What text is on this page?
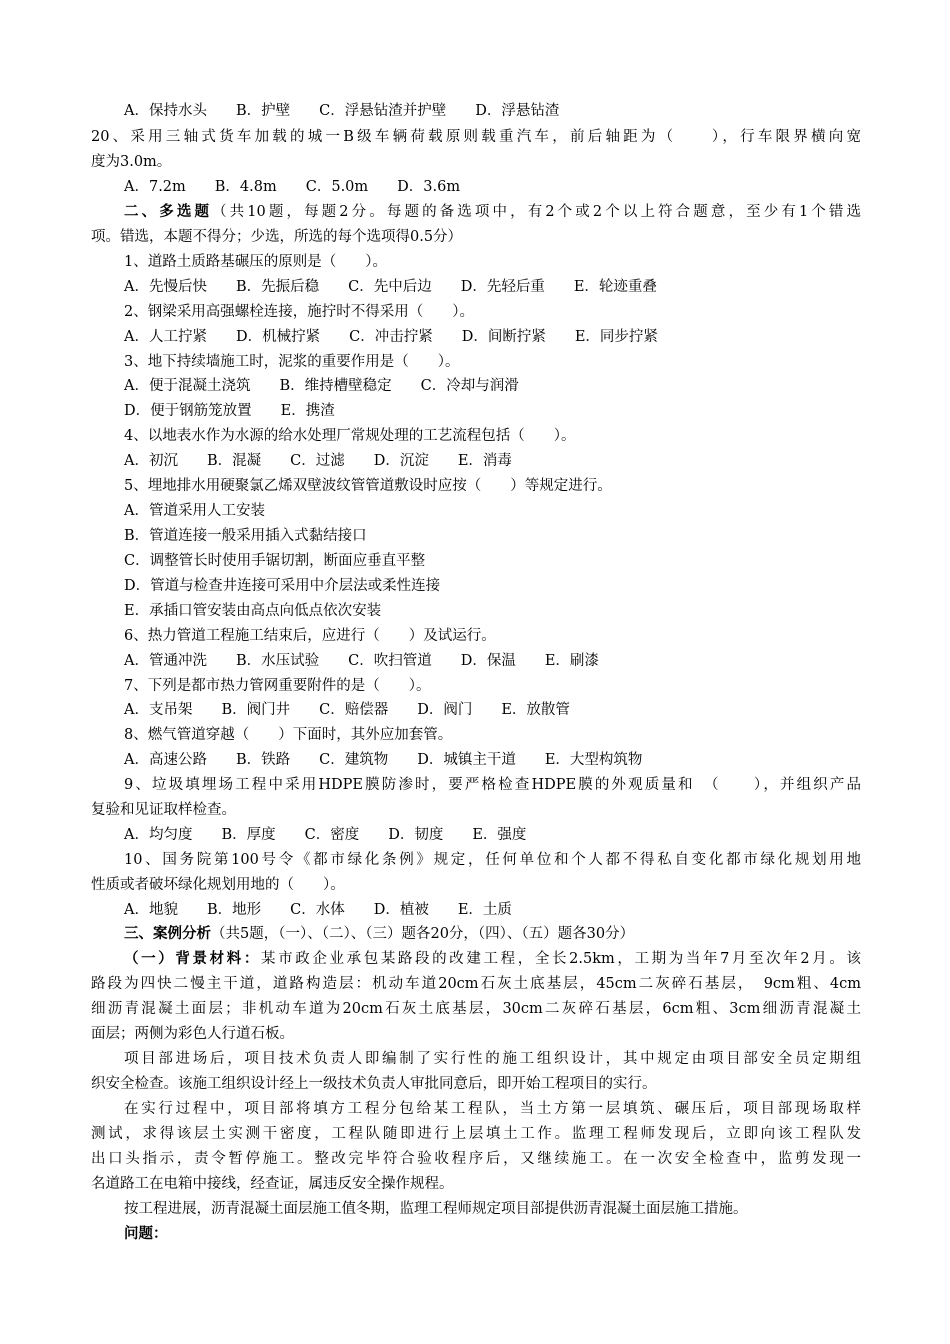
A．保持水头　　B．护壁　　C．浮悬钻渣并护壁　　D．浮悬钻渣
20、采用三轴式货车加载的城一B级车辆荷载原则载重汽车，前后轴距为（　　），行车限界横向宽
度为3.0m。
A．7.2m　　B．4.8m　　C．5.0m　　D．3.6m
二、多选题（共10题，每题2分。每题的备选项中，有2个或2个以上符合题意，至少有1个错选
项。错选，本题不得分；少选，所选的每个选项得0.5分）
1、道路土质路基碾压的原则是（　　）。
A．先慢后快　　B．先振后稳　　C．先中后边　　D．先轻后重　　E．轮迹重叠
2、钢梁采用高强螺栓连接，施拧时不得采用（　　）。
A．人工拧紧　　D．机械拧紧　　C．冲击拧紧　　D．间断拧紧　　E．同步拧紧
3、地下持续墙施工时，泥浆的重要作用是（　　）。
A．便于混凝土浇筑　　B．维持槽壁稳定　　C．冷却与润滑
D．便于钢筋笼放置　　E．携渣
4、以地表水作为水源的给水处理厂常规处理的工艺流程包括（　　）。
A．初沉　　B．混凝　　C．过滤　　D．沉淀　　E．消毒
5、埋地排水用硬聚氯乙烯双壁波纹管管道敷设时应按（　　）等规定进行。
A．管道采用人工安装
B．管道连接一般采用插入式黏结接口
C．调整管长时使用手锯切割，断面应垂直平整
D．管道与检查井连接可采用中介层法或柔性连接
E．承插口管安装由高点向低点依次安装
6、热力管道工程施工结束后，应进行（　　）及试运行。
A．管通冲洗　　B．水压试验　　C．吹扫管道　　D．保温　　E．刷漆
7、下列是都市热力管网重要附件的是（　　）。
A．支吊架　　B．阀门井　　C．赔偿器　　D．阀门　　E．放散管
8、燃气管道穿越（　　）下面时，其外应加套管。
A．高速公路　　B．铁路　　C．建筑物　　D．城镇主干道　　E．大型构筑物
9、垃圾填埋场工程中采用HDPE膜防渗时，要严格检查HDPE膜的外观质量和　（　　），并组织产品
复验和见证取样检查。
A．均匀度　　B．厚度　　C．密度　　D．韧度　　E．强度
10、国务院第100号令《都市绿化条例》规定，任何单位和个人都不得私自变化都市绿化规划用地
性质或者破坏绿化规划用地的（　　）。
A．地貌　　B．地形　　C．水体　　D．植被　　E．土质
三、案例分析（共5题，（一）、（二）、（三）题各20分，（四）、（五）题各30分）
（一）背景材料：某市政企业承包某路段的改建工程，全长2.5km，工期为当年7月至次年2月。该
路段为四快二慢主干道，道路构造层：机动车道20cm石灰土底基层，45cm二灰碎石基层，　9cm粗、4cm
细沥青混凝土面层；非机动车道为20cm石灰土底基层，30cm二灰碎石基层，6cm粗、3cm细沥青混凝土
面层；两侧为彩色人行道石板。
项目部进场后，项目技术负责人即编制了实行性的施工组织设计，其中规定由项目部安全员定期组
织安全检查。该施工组织设计经上一级技术负责人审批同意后，即开始工程项目的实行。
在实行过程中，项目部将填方工程分包给某工程队，当土方第一层填筑、碾压后，项目部现场取样
测试，求得该层土实测干密度，工程队随即进行上层填土工作。监理工程师发现后，立即向该工程队发
出口头指示，责令暂停施工。整改完毕符合验收程序后，又继续施工。在一次安全检查中，监剪发现一
名道路工在电箱中接线，经查证，属违反安全操作规程。
按工程进展，沥青混凝土面层施工值冬期，监理工程师规定项目部提供沥青混凝土面层施工措施。
问题：
